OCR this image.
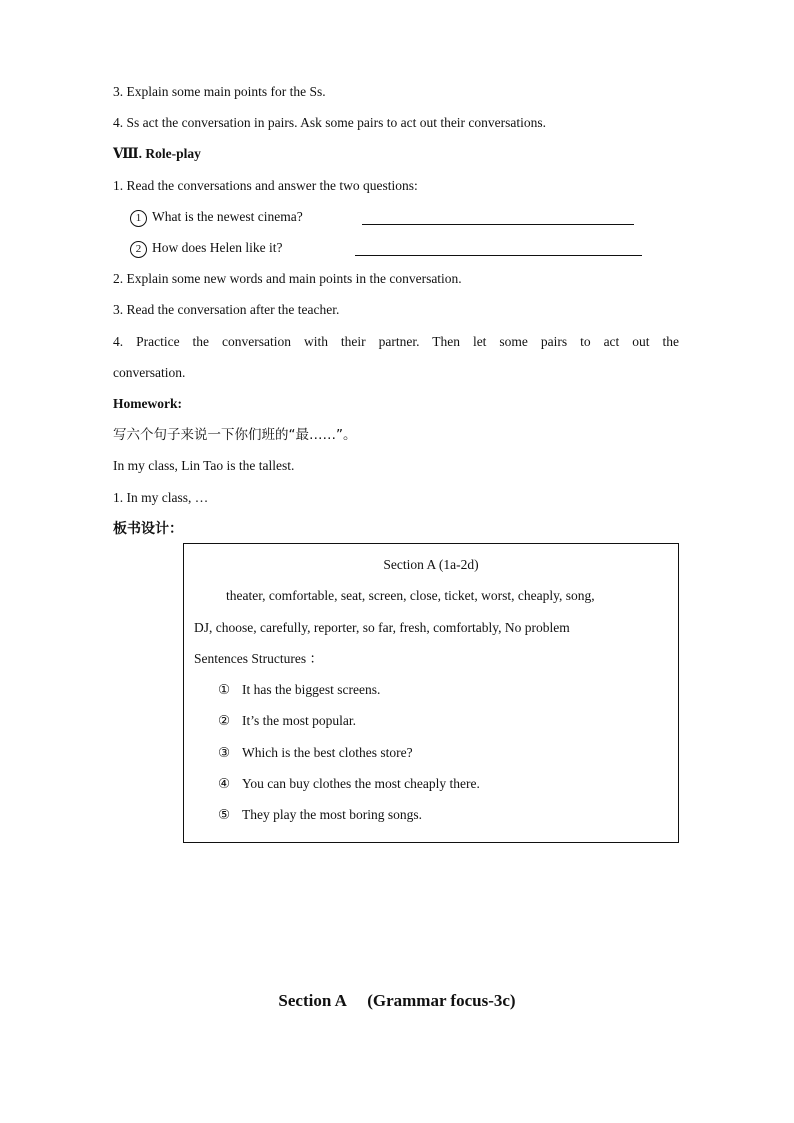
3. Explain some main points for the Ss.
4. Ss act the conversation in pairs. Ask some pairs to act out their conversations.
Ⅷ. Role-play
1. Read the conversations and answer the two questions:
1 What is the newest cinema?
2 How does Helen like it?
2. Explain some new words and main points in the conversation.
3. Read the conversation after the teacher.
4. Practice the conversation with their partner. Then let some pairs to act out the
conversation.
Homework:
写六个句子来说一下你们班的“最……”。
In my class, Lin Tao is the tallest.
1. In my class, …
板书设计：
Section A (1a-2d)
theater, comfortable, seat, screen, close, ticket, worst, cheaply, song,
DJ, choose, carefully, reporter, so far, fresh, comfortably, No problem
Sentences Structures ：
① It has the biggest screens.
② It’s the most popular.
③ Which is the best clothes store?
④ You can buy clothes the most cheaply there.
⑤ They play the most boring songs.
Section A     (Grammar focus-3c)
